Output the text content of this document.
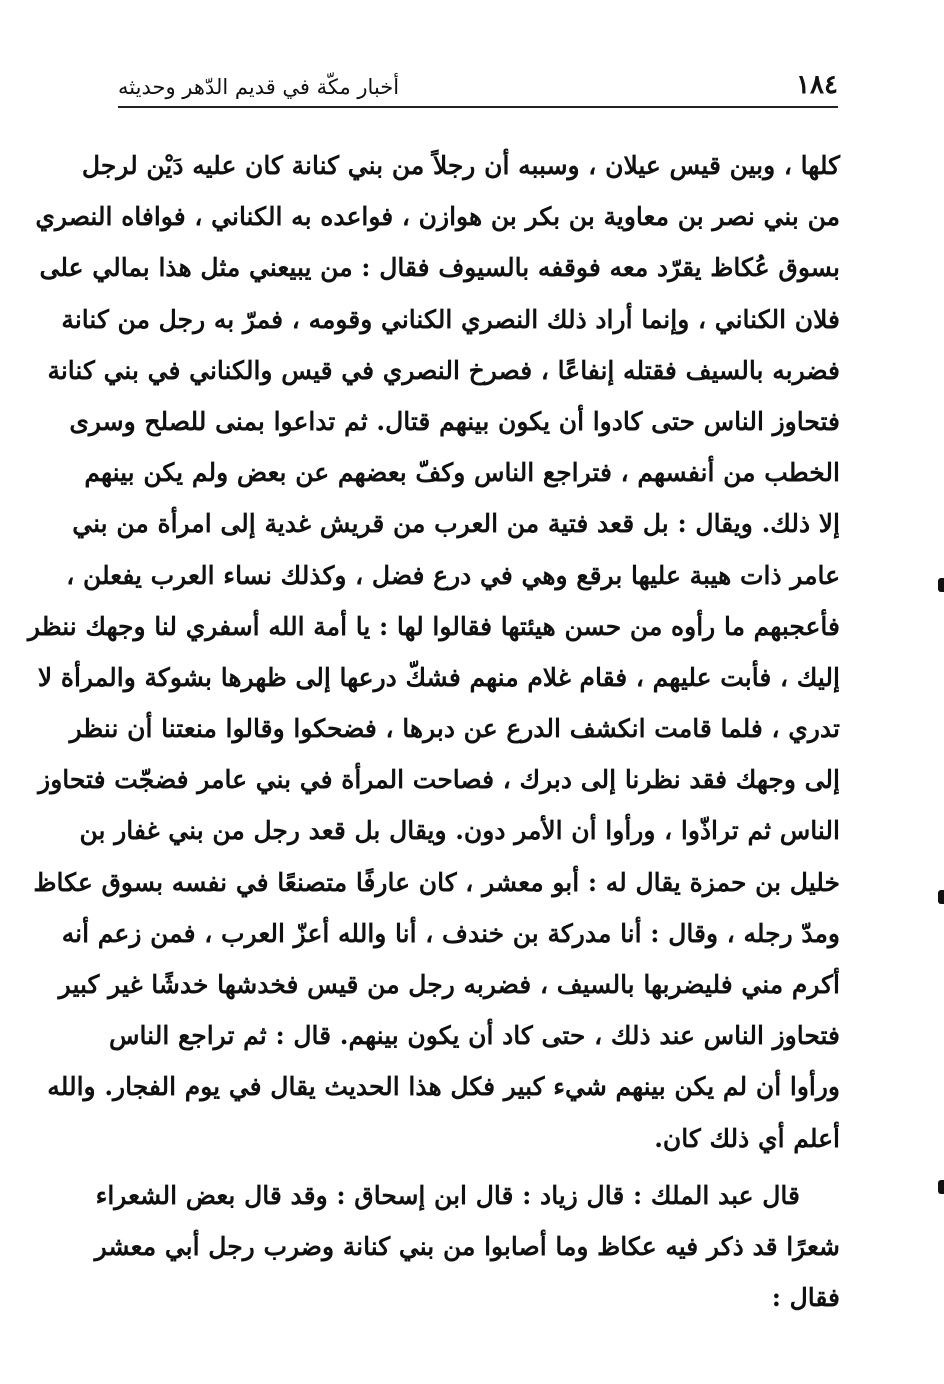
١٨٤
أخبار مكّة في قديم الدّهر وحديثه
كلها ، وبين قيس عيلان ، وسببه أن رجلاً من بني كنانة كان عليه دَيْن لرجل
من بني نصر بن معاوية بن بكر بن هوازن ، فواعده به الكناني ، فوافاه النصري
بسوق عُكاظ يقرّد معه فوقفه بالسيوف فقال : من يبيعني مثل هذا بمالي على
فلان الكناني ، وإنما أراد ذلك النصري الكناني وقومه ، فمرّ به رجل من كنانة
فضربه بالسيف فقتله إنفاعًا ، فصرخ النصري في قيس والكناني في بني كنانة
فتحاوز الناس حتى كادوا أن يكون بينهم قتال. ثم تداعوا بمنى للصلح وسرى
الخطب من أنفسهم ، فتراجع الناس وكفّ بعضهم عن بعض ولم يكن بينهم
إلا ذلك. ويقال : بل قعد فتية من العرب من قريش غدية إلى امرأة من بني
عامر ذات هيبة عليها برقع وهي في درع فضل ، وكذلك نساء العرب يفعلن ،
فأعجبهم ما رأوه من حسن هيئتها فقالوا لها : يا أمة الله أسفري لنا وجهك ننظر
إليك ، فأبت عليهم ، فقام غلام منهم فشكّ درعها إلى ظهرها بشوكة والمرأة لا
تدري ، فلما قامت انكشف الدرع عن دبرها ، فضحكوا وقالوا منعتنا أن ننظر
إلى وجهك فقد نظرنا إلى دبرك ، فصاحت المرأة في بني عامر فضجّت فتحاوز
الناس ثم تراذّوا ، ورأوا أن الأمر دون. ويقال بل قعد رجل من بني غفار بن
خليل بن حمزة يقال له : أبو معشر ، كان عارفًا متصنعًا في نفسه بسوق عكاظ
ومدّ رجله ، وقال : أنا مدركة بن خندف ، أنا والله أعزّ العرب ، فمن زعم أنه
أكرم مني فليضربها بالسيف ، فضربه رجل من قيس فخدشها خدشًا غير كبير
فتحاوز الناس عند ذلك ، حتى كاد أن يكون بينهم. قال : ثم تراجع الناس
ورأوا أن لم يكن بينهم شيء كبير فكل هذا الحديث يقال في يوم الفجار. والله
أعلم أي ذلك كان.
قال عبد الملك : قال زياد : قال ابن إسحاق : وقد قال بعض الشعراء
شعرًا قد ذكر فيه عكاظ وما أصابوا من بني كنانة وضرب رجل أبي معشر
فقال :
